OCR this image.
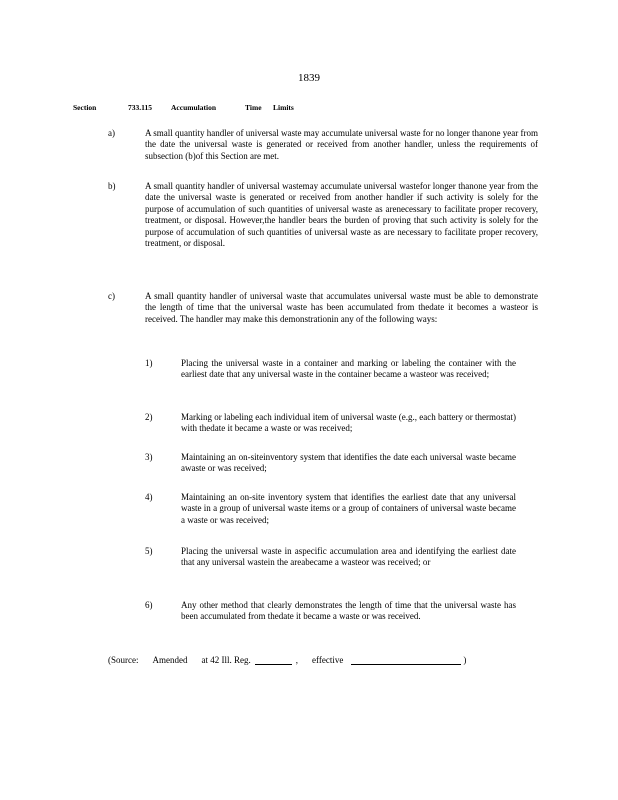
1839
Section	733.115	Accumulation	Time Limits
a)	A small quantity handler of universal waste may accumulate universal waste for no longer thanone year from the date the universal waste is generated or received from another handler, unless the requirements of subsection (b)of this Section are met.
b)	A small quantity handler of universal wastemay accumulate universal wastefor longer thanone year from the date the universal waste is generated or received from another handler if such activity is solely for the purpose of accumulation of such quantities of universal waste as arenecessary to facilitate proper recovery, treatment, or disposal. However,the handler bears the burden of proving that such activity is solely for the purpose of accumulation of such quantities of universal waste as are necessary to facilitate proper recovery, treatment, or disposal.
c)	A small quantity handler of universal waste that accumulates universal waste must be able to demonstrate the length of time that the universal waste has been accumulated from thedate it becomes a wasteor is received. The handler may make this demonstrationin any of the following ways:
1)	Placing the universal waste in a container and marking or labeling the container with the earliest date that any universal waste in the container became a wasteor was received;
2)	Marking or labeling each individual item of universal waste (e.g., each battery or thermostat) with thedate it became a waste or was received;
3)	Maintaining an on-siteinventory system that identifies the date each universal waste became awaste or was received;
4)	Maintaining an on-site inventory system that identifies the earliest date that any universal waste in a group of universal waste items or a group of containers of universal waste became a waste or was received;
5)	Placing the universal waste in aspecific accumulation area and identifying the earliest date that any universal wastein the areabecame a wasteor was received; or
6)	Any other method that clearly demonstrates the length of time that the universal waste has been accumulated from thedate it became a waste or was received.
(Source: Amended at 42 Ill. Reg.	, effective	)
